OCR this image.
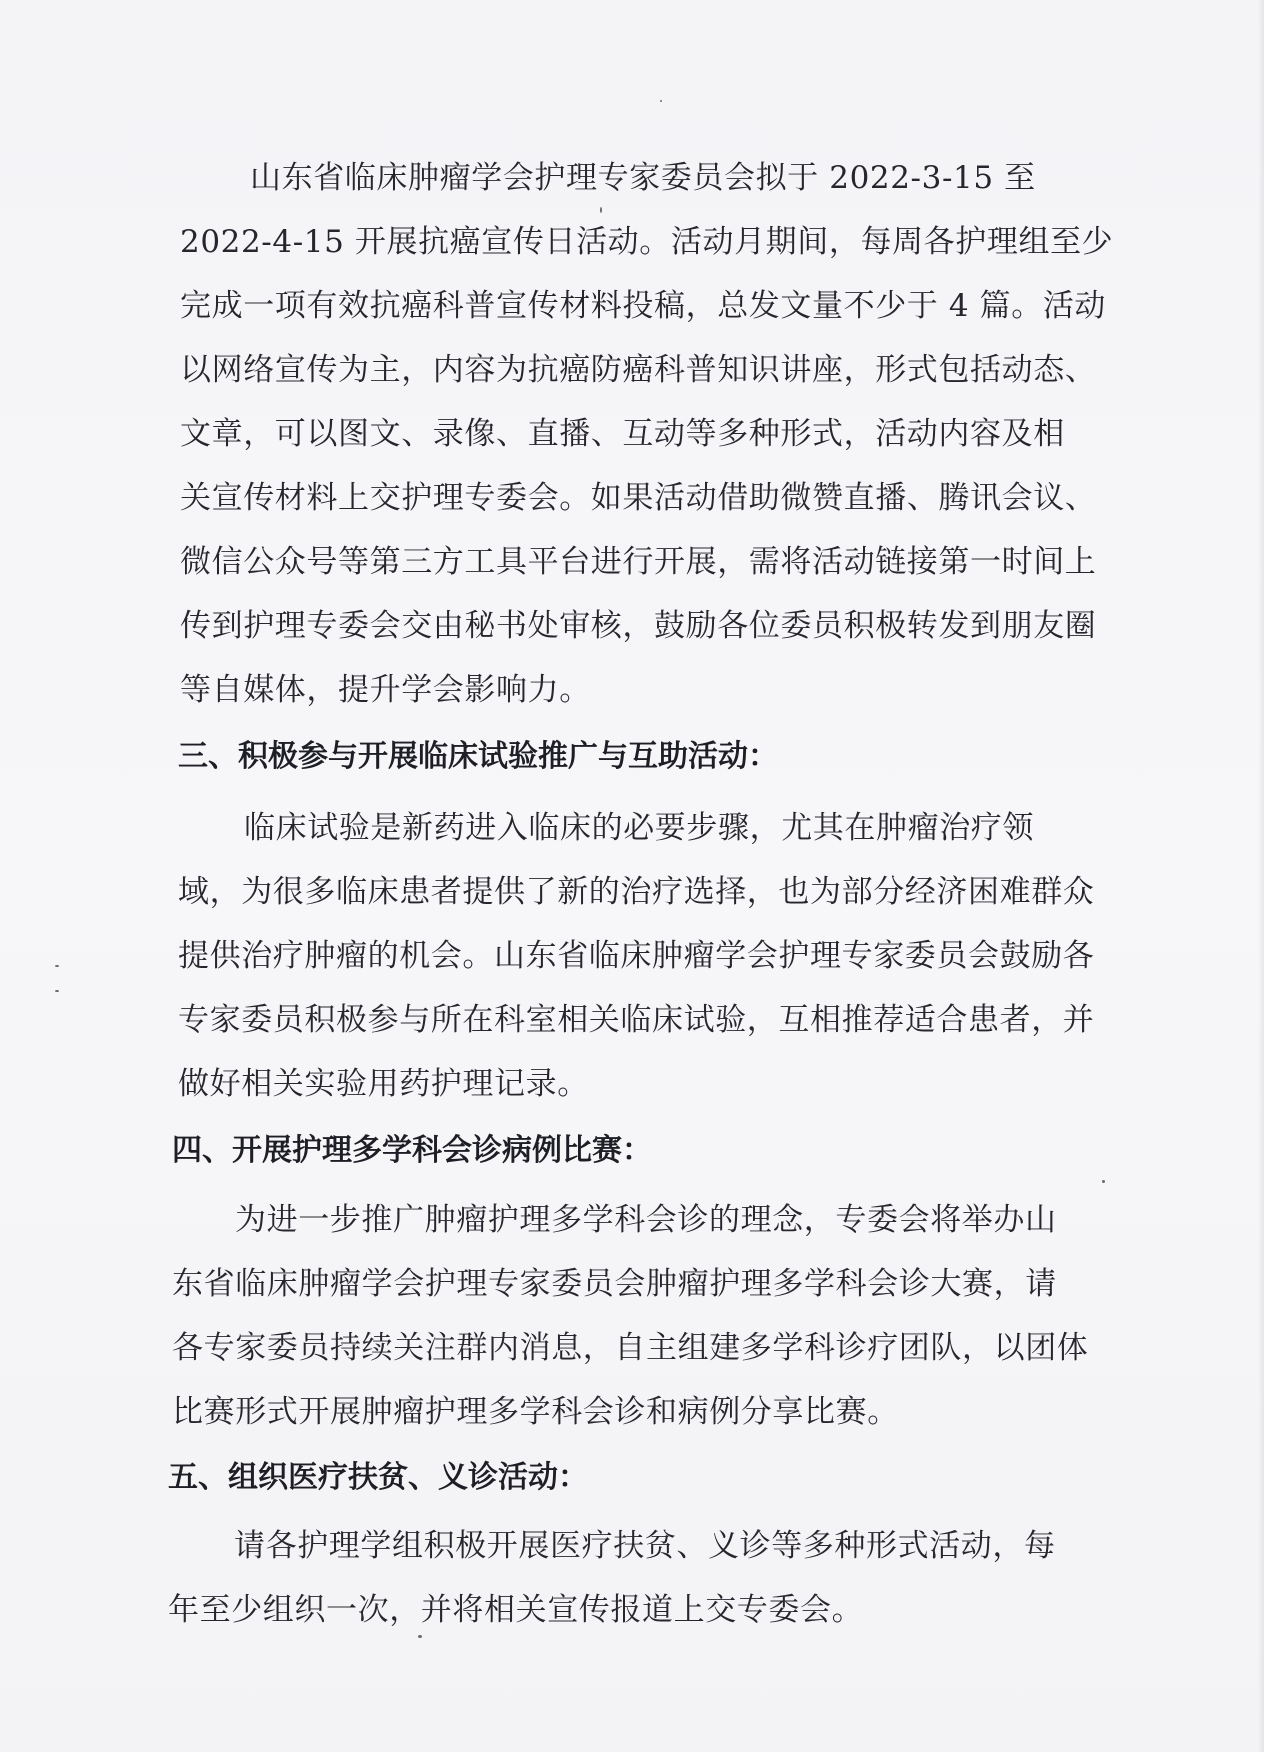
山东省临床肿瘤学会护理专家委员会拟于 2022-3-15 至

2022-4-15 开展抗癌宣传日活动。活动月期间，每周各护理组至少

完成一项有效抗癌科普宣传材料投稿，总发文量不少于 4 篇。活动

以网络宣传为主，内容为抗癌防癌科普知识讲座，形式包括动态、

文章，可以图文、录像、直播、互动等多种形式，活动内容及相

关宣传材料上交护理专委会。如果活动借助微赞直播、腾讯会议、

微信公众号等第三方工具平台进行开展，需将活动链接第一时间上

传到护理专委会交由秘书处审核，鼓励各位委员积极转发到朋友圈

等自媒体，提升学会影响力。

三、积极参与开展临床试验推广与互助活动：

临床试验是新药进入临床的必要步骤，尤其在肿瘤治疗领

域，为很多临床患者提供了新的治疗选择，也为部分经济困难群众

提供治疗肿瘤的机会。山东省临床肿瘤学会护理专家委员会鼓励各

专家委员积极参与所在科室相关临床试验，互相推荐适合患者，并

做好相关实验用药护理记录。

四、开展护理多学科会诊病例比赛：

为进一步推广肿瘤护理多学科会诊的理念，专委会将举办山

东省临床肿瘤学会护理专家委员会肿瘤护理多学科会诊大赛，请

各专家委员持续关注群内消息，自主组建多学科诊疗团队，以团体

比赛形式开展肿瘤护理多学科会诊和病例分享比赛。

五、组织医疗扶贫、义诊活动：

请各护理学组积极开展医疗扶贫、义诊等多种形式活动，每

年至少组织一次，并将相关宣传报道上交专委会。
